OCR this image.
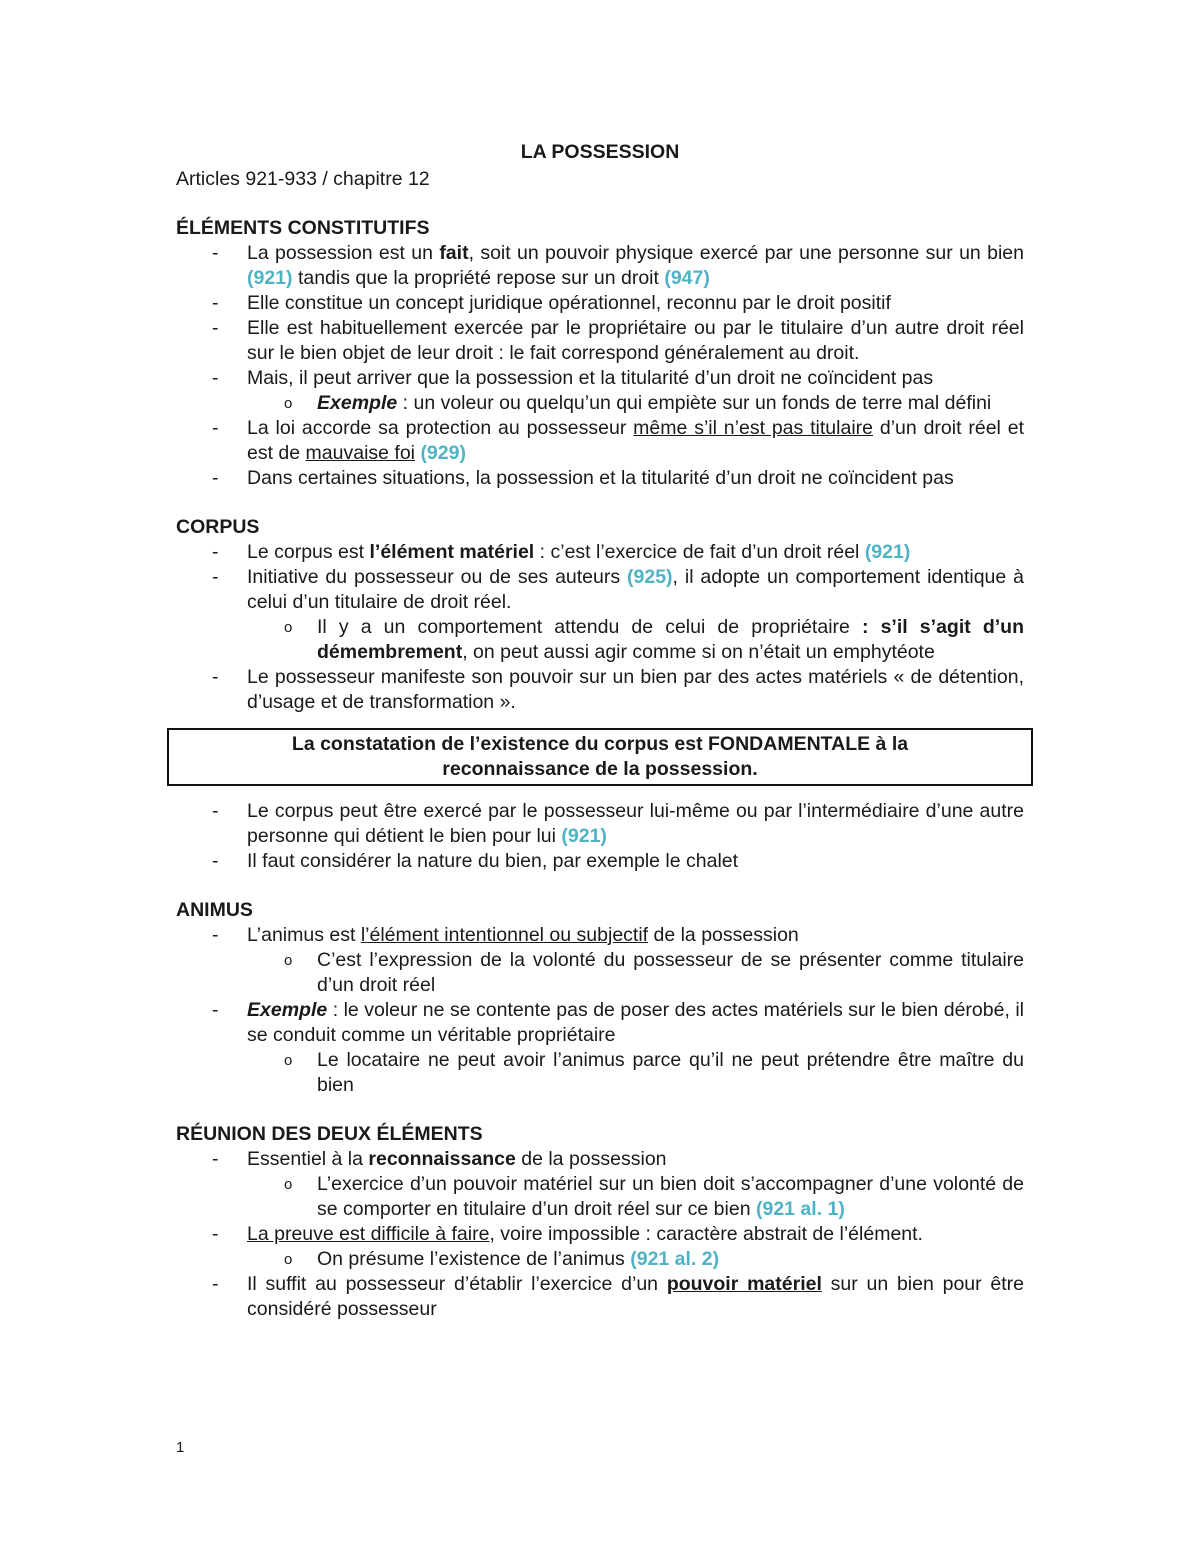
LA POSSESSION

Articles 921-933 / chapitre 12

ÉLÉMENTS CONSTITUTIFS

- La possession est un fait, soit un pouvoir physique exercé par une personne sur un bien (921) tandis que la propriété repose sur un droit (947)
- Elle constitue un concept juridique opérationnel, reconnu par le droit positif
- Elle est habituellement exercée par le propriétaire ou par le titulaire d’un autre droit réel sur le bien objet de leur droit : le fait correspond généralement au droit.
- Mais, il peut arriver que la possession et la titularité d’un droit ne coïncident pas
o Exemple : un voleur ou quelqu’un qui empiète sur un fonds de terre mal défini
- La loi accorde sa protection au possesseur même s’il n’est pas titulaire d’un droit réel et est de mauvaise foi (929)
- Dans certaines situations, la possession et la titularité d’un droit ne coïncident pas

CORPUS

- Le corpus est l’élément matériel : c’est l’exercice de fait d’un droit réel (921)
- Initiative du possesseur ou de ses auteurs (925), il adopte un comportement identique à celui d’un titulaire de droit réel.
o Il y a un comportement attendu de celui de propriétaire : s’il s’agit d’un démembrement, on peut aussi agir comme si on n’était un emphytéote
- Le possesseur manifeste son pouvoir sur un bien par des actes matériels « de détention, d’usage et de transformation ».
La constatation de l’existence du corpus est FONDAMENTALE à la
reconnaissance de la possession.
- Le corpus peut être exercé par le possesseur lui-même ou par l’intermédiaire d’une autre personne qui détient le bien pour lui (921)
- Il faut considérer la nature du bien, par exemple le chalet

ANIMUS

- L’animus est l’élément intentionnel ou subjectif de la possession
o C’est l’expression de la volonté du possesseur de se présenter comme titulaire d’un droit réel
- Exemple : le voleur ne se contente pas de poser des actes matériels sur le bien dérobé, il se conduit comme un véritable propriétaire
o Le locataire ne peut avoir l’animus parce qu’il ne peut prétendre être maître du bien

RÉUNION DES DEUX ÉLÉMENTS

- Essentiel à la reconnaissance de la possession
o L’exercice d’un pouvoir matériel sur un bien doit s’accompagner d’une volonté de se comporter en titulaire d’un droit réel sur ce bien (921 al. 1)
- La preuve est difficile à faire, voire impossible : caractère abstrait de l’élément.
o On présume l’existence de l’animus (921 al. 2)
- Il suffit au possesseur d’établir l’exercice d’un pouvoir matériel sur un bien pour être considéré possesseur
1
